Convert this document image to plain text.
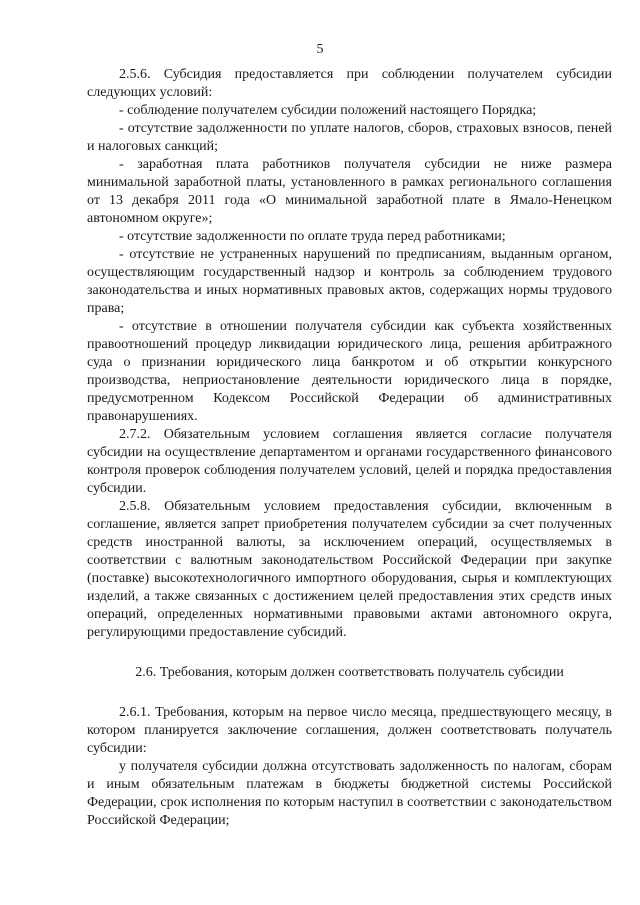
5

2.5.6. Субсидия предоставляется при соблюдении получателем субсидии следующих условий:

- соблюдение получателем субсидии положений настоящего Порядка;

- отсутствие задолженности по уплате налогов, сборов, страховых взносов, пеней и налоговых санкций;

- заработная плата работников получателя субсидии не ниже размера минимальной заработной платы, установленного в рамках регионального соглашения от 13 декабря 2011 года «О минимальной заработной плате в Ямало-Ненецком автономном округе»;

- отсутствие задолженности по оплате труда перед работниками;

- отсутствие не устраненных нарушений по предписаниям, выданным органом, осуществляющим государственный надзор и контроль за соблюдением трудового законодательства и иных нормативных правовых актов, содержащих нормы трудового права;

- отсутствие в отношении получателя субсидии как субъекта хозяйственных правоотношений процедур ликвидации юридического лица, решения арбитражного суда о признании юридического лица банкротом и об открытии конкурсного производства, неприостановление деятельности юридического лица в порядке, предусмотренном Кодексом Российской Федерации об административных правонарушениях.

2.7.2. Обязательным условием соглашения является согласие получателя субсидии на осуществление департаментом и органами государственного финансового контроля проверок соблюдения получателем условий, целей и порядка предоставления субсидии.

2.5.8. Обязательным условием предоставления субсидии, включенным в соглашение, является запрет приобретения получателем субсидии за счет полученных средств иностранной валюты, за исключением операций, осуществляемых в соответствии с валютным законодательством Российской Федерации при закупке (поставке) высокотехнологичного импортного оборудования, сырья и комплектующих изделий, а также связанных с достижением целей предоставления этих средств иных операций, определенных нормативными правовыми актами автономного округа, регулирующими предоставление субсидий.

2.6. Требования, которым должен соответствовать получатель субсидии

2.6.1. Требования, которым на первое число месяца, предшествующего месяцу, в котором планируется заключение соглашения, должен соответствовать получатель субсидии:

у получателя субсидии должна отсутствовать задолженность по налогам, сборам и иным обязательным платежам в бюджеты бюджетной системы Российской Федерации, срок исполнения по которым наступил в соответствии с законодательством Российской Федерации;
